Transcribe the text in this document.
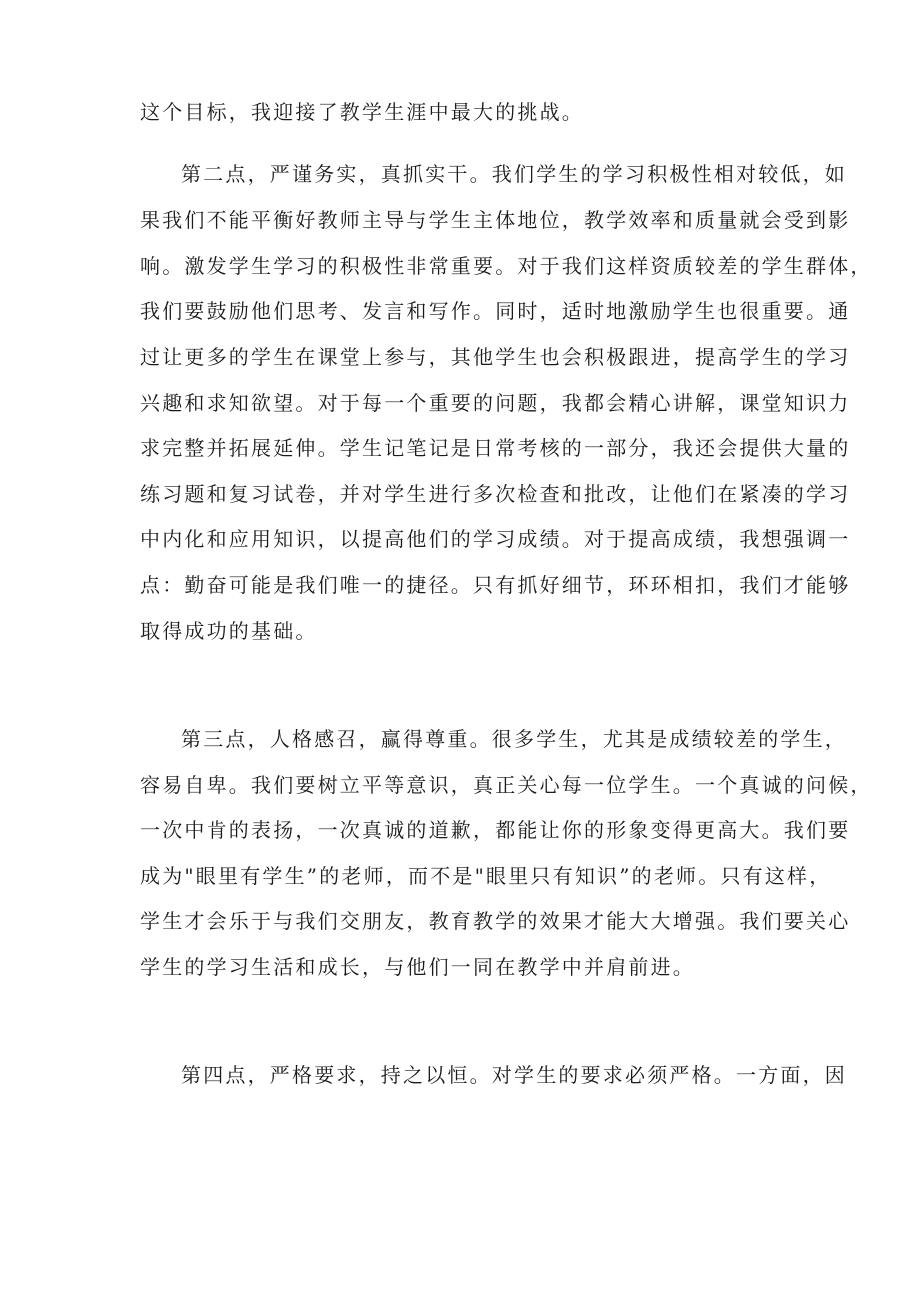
这个目标，我迎接了教学生涯中最大的挑战。
第二点，严谨务实，真抓实干。我们学生的学习积极性相对较低，如
果我们不能平衡好教师主导与学生主体地位，教学效率和质量就会受到影
响。激发学生学习的积极性非常重要。对于我们这样资质较差的学生群体，
我们要鼓励他们思考、发言和写作。同时，适时地激励学生也很重要。通
过让更多的学生在课堂上参与，其他学生也会积极跟进，提高学生的学习
兴趣和求知欲望。对于每一个重要的问题，我都会精心讲解，课堂知识力
求完整并拓展延伸。学生记笔记是日常考核的一部分，我还会提供大量的
练习题和复习试卷，并对学生进行多次检查和批改，让他们在紧凑的学习
中内化和应用知识，以提高他们的学习成绩。对于提高成绩，我想强调一
点：勤奋可能是我们唯一的捷径。只有抓好细节，环环相扣，我们才能够
取得成功的基础。
第三点，人格感召，赢得尊重。很多学生，尤其是成绩较差的学生，
容易自卑。我们要树立平等意识，真正关心每一位学生。一个真诚的问候，
一次中肯的表扬，一次真诚的道歉，都能让你的形象变得更高大。我们要
成为"眼里有学生”的老师，而不是"眼里只有知识”的老师。只有这样，
学生才会乐于与我们交朋友，教育教学的效果才能大大增强。我们要关心
学生的学习生活和成长，与他们一同在教学中并肩前进。
第四点，严格要求，持之以恒。对学生的要求必须严格。一方面，因
